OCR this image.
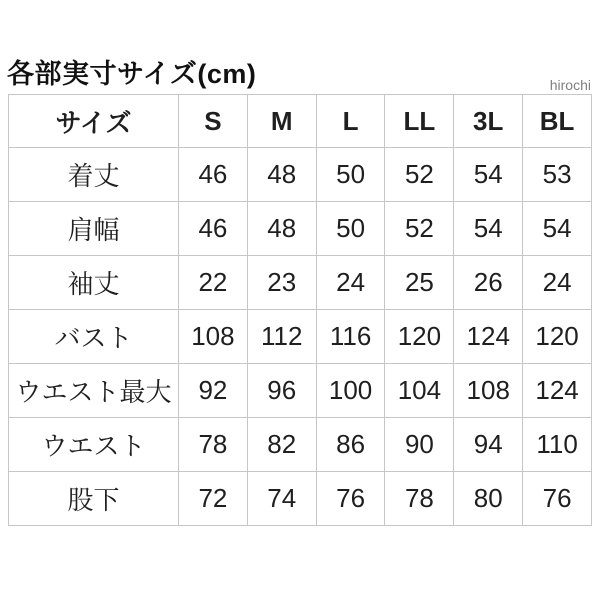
各部実寸サイズ(cm)	hirochi
サイズ	S	M	L	LL	3L	BL
着丈	46	48	50	52	54	53
肩幅	46	48	50	52	54	54
袖丈	22	23	24	25	26	24
バスト	108	112	116	120	124	120
ウエスト最大	92	96	100	104	108	124
ウエスト	78	82	86	90	94	110
股下	72	74	76	78	80	76
